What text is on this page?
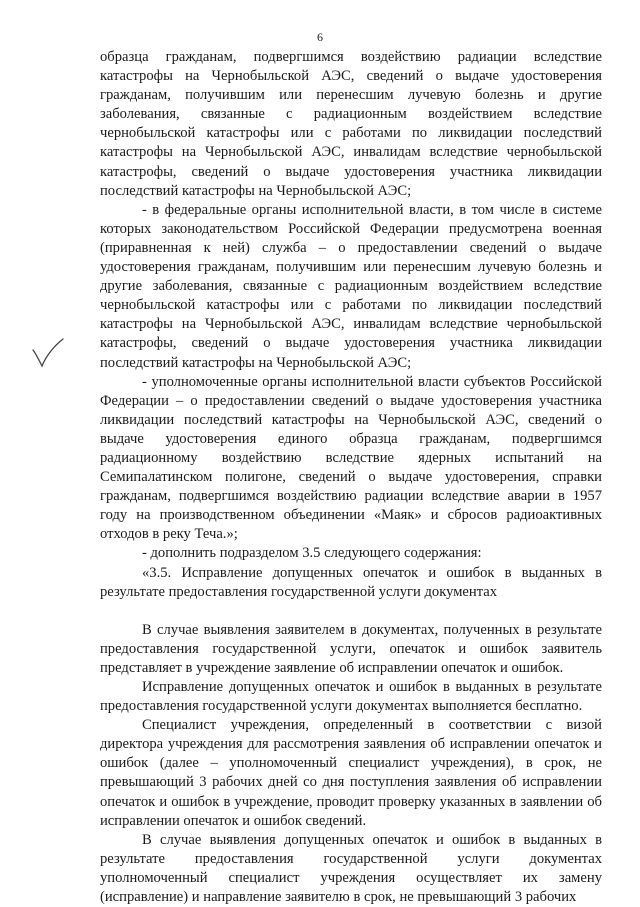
6

образца гражданам, подвергшимся воздействию радиации вследствие катастрофы на Чернобыльской АЭС, сведений о выдаче удостоверения гражданам, получившим или перенесшим лучевую болезнь и другие заболевания, связанные с радиационным воздействием вследствие чернобыльской катастрофы или с работами по ликвидации последствий катастрофы на Чернобыльской АЭС, инвалидам вследствие чернобыльской катастрофы, сведений о выдаче удостоверения участника ликвидации последствий катастрофы на Чернобыльской АЭС;

- в федеральные органы исполнительной власти, в том числе в системе которых законодательством Российской Федерации предусмотрена военная (приравненная к ней) служба – о предоставлении сведений о выдаче удостоверения гражданам, получившим или перенесшим лучевую болезнь и другие заболевания, связанные с радиационным воздействием вследствие чернобыльской катастрофы или с работами по ликвидации последствий катастрофы на Чернобыльской АЭС, инвалидам вследствие чернобыльской катастрофы, сведений о выдаче удостоверения участника ликвидации последствий катастрофы на Чернобыльской АЭС;

- уполномоченные органы исполнительной власти субъектов Российской Федерации – о предоставлении сведений о выдаче удостоверения участника ликвидации последствий катастрофы на Чернобыльской АЭС, сведений о выдаче удостоверения единого образца гражданам, подвергшимся радиационному воздействию вследствие ядерных испытаний на Семипалатинском полигоне, сведений о выдаче удостоверения, справки гражданам, подвергшимся воздействию радиации вследствие аварии в 1957 году на производственном объединении «Маяк» и сбросов радиоактивных отходов в реку Теча.»;

- дополнить подразделом 3.5 следующего содержания:

«3.5. Исправление допущенных опечаток и ошибок в выданных в результате предоставления государственной услуги документах

В случае выявления заявителем в документах, полученных в результате предоставления государственной услуги, опечаток и ошибок заявитель представляет в учреждение заявление об исправлении опечаток и ошибок.

Исправление допущенных опечаток и ошибок в выданных в результате предоставления государственной услуги документах выполняется бесплатно.

Специалист учреждения, определенный в соответствии с визой директора учреждения для рассмотрения заявления об исправлении опечаток и ошибок (далее – уполномоченный специалист учреждения), в срок, не превышающий 3 рабочих дней со дня поступления заявления об исправлении опечаток и ошибок в учреждение, проводит проверку указанных в заявлении об исправлении опечаток и ошибок сведений.

В случае выявления допущенных опечаток и ошибок в выданных в результате предоставления государственной услуги документах уполномоченный специалист учреждения осуществляет их замену (исправление) и направление заявителю в срок, не превышающий 3 рабочих
